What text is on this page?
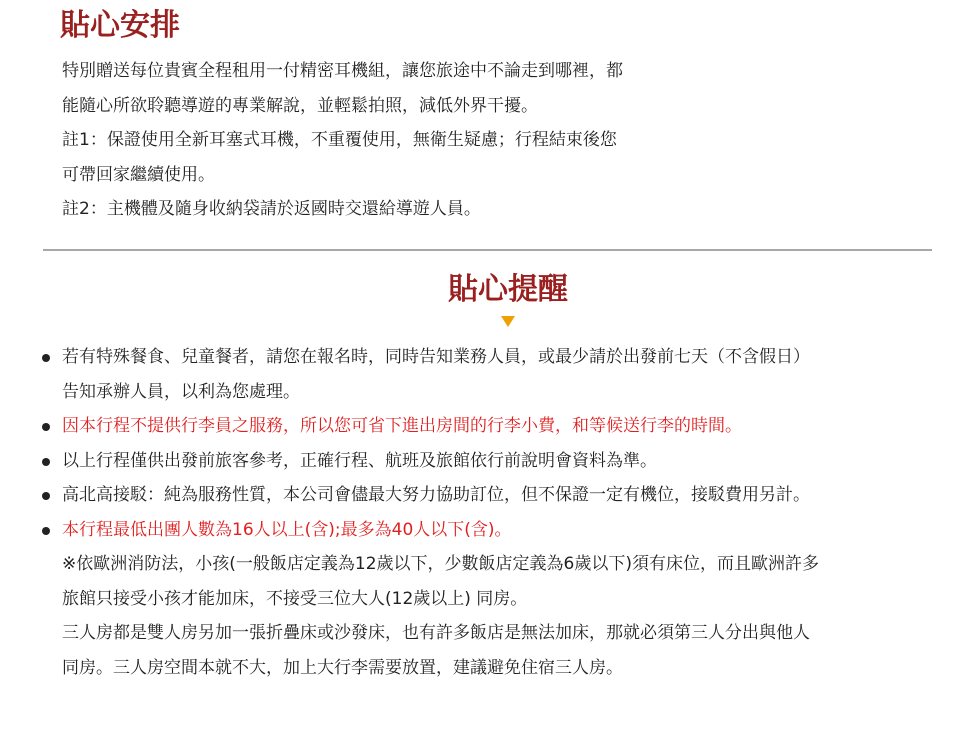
貼心安排
特別贈送每位貴賓全程租用一付精密耳機組，讓您旅途中不論走到哪裡，都
能隨心所欲聆聽導遊的專業解說，並輕鬆拍照，減低外界干擾。
註1：保證使用全新耳塞式耳機，不重覆使用，無衛生疑慮；行程結束後您
可帶回家繼續使用。
註2：主機體及隨身收納袋請於返國時交還給導遊人員。
貼心提醒
若有特殊餐食、兒童餐者，請您在報名時，同時告知業務人員，或最少請於出發前七天（不含假日）
告知承辦人員，以利為您處理。
因本行程不提供行李員之服務，所以您可省下進出房間的行李小費，和等候送行李的時間。
以上行程僅供出發前旅客參考，正確行程、航班及旅館依行前說明會資料為準。
高北高接駁：純為服務性質，本公司會儘最大努力協助訂位，但不保證一定有機位，接駁費用另計。
本行程最低出團人數為16人以上(含);最多為40人以下(含)。
※依歐洲消防法，小孩(一般飯店定義為12歲以下，少數飯店定義為6歲以下)須有床位，而且歐洲許多
旅館只接受小孩才能加床，不接受三位大人(12歲以上) 同房。
三人房都是雙人房另加一張折疊床或沙發床，也有許多飯店是無法加床，那就必須第三人分出與他人
同房。三人房空間本就不大，加上大行李需要放置，建議避免住宿三人房。
